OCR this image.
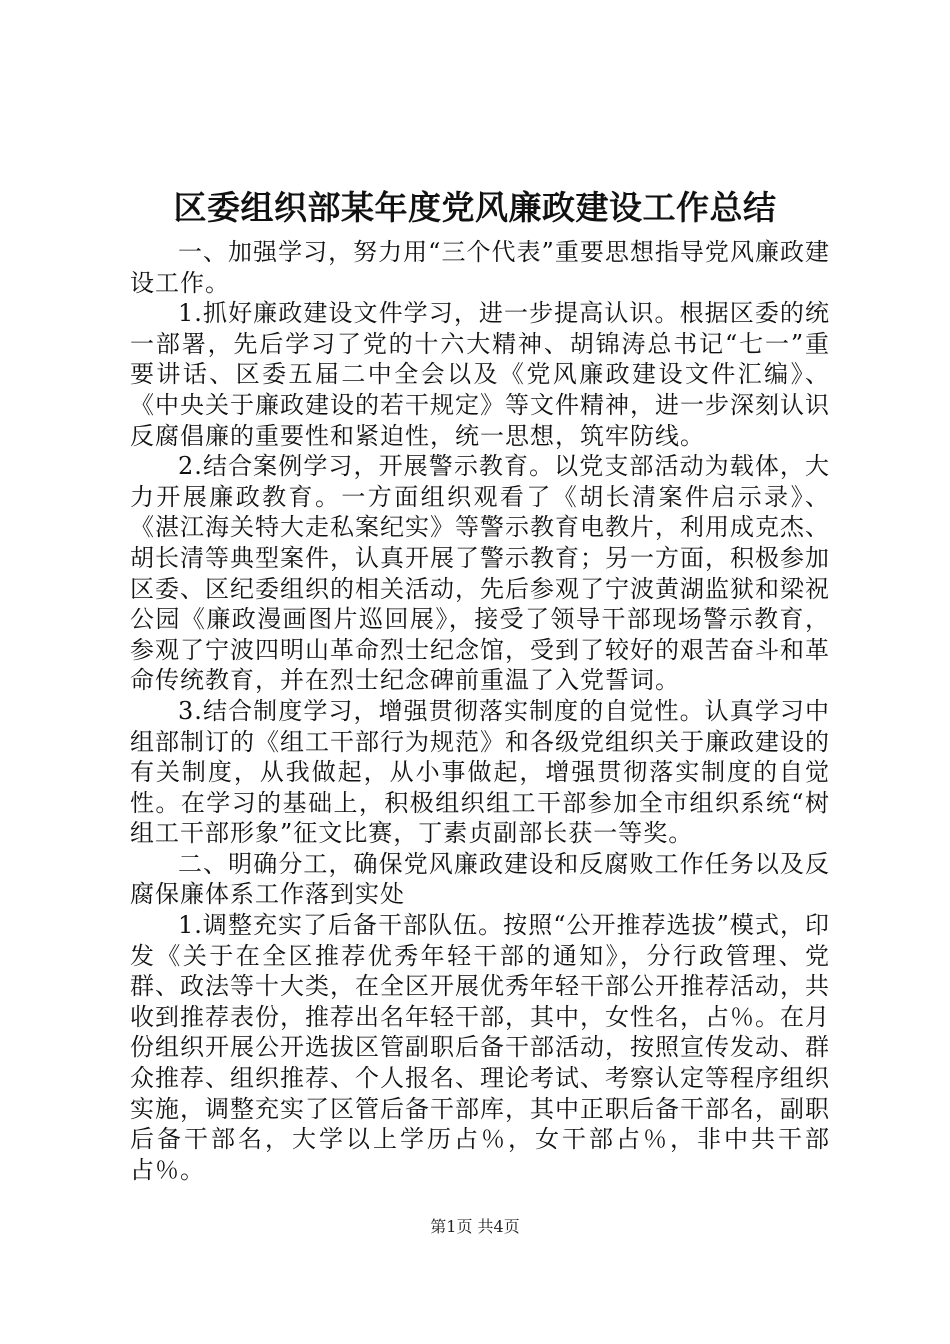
区委组织部某年度党风廉政建设工作总结

一、加强学习，努力用“三个代表”重要思想指导党风廉政建设工作。

1.抓好廉政建设文件学习，进一步提高认识。根据区委的统一部署，先后学习了党的十六大精神、胡锦涛总书记“七一”重要讲话、区委五届二中全会以及《党风廉政建设文件汇编》、《中央关于廉政建设的若干规定》等文件精神，进一步深刻认识反腐倡廉的重要性和紧迫性，统一思想，筑牢防线。

2.结合案例学习，开展警示教育。以党支部活动为载体，大力开展廉政教育。一方面组织观看了《胡长清案件启示录》、《湛江海关特大走私案纪实》等警示教育电教片，利用成克杰、胡长清等典型案件，认真开展了警示教育；另一方面，积极参加区委、区纪委组织的相关活动，先后参观了宁波黄湖监狱和梁祝公园《廉政漫画图片巡回展》，接受了领导干部现场警示教育，参观了宁波四明山革命烈士纪念馆，受到了较好的艰苦奋斗和革命传统教育，并在烈士纪念碑前重温了入党誓词。

3.结合制度学习，增强贯彻落实制度的自觉性。认真学习中组部制订的《组工干部行为规范》和各级党组织关于廉政建设的有关制度，从我做起，从小事做起，增强贯彻落实制度的自觉性。在学习的基础上，积极组织组工干部参加全市组织系统“树组工干部形象”征文比赛，丁素贞副部长获一等奖。

二、明确分工，确保党风廉政建设和反腐败工作任务以及反腐保廉体系工作落到实处

1.调整充实了后备干部队伍。按照“公开推荐选拔”模式，印发《关于在全区推荐优秀年轻干部的通知》，分行政管理、党群、政法等十大类，在全区开展优秀年轻干部公开推荐活动，共收到推荐表份，推荐出名年轻干部，其中，女性名，占％。在月份组织开展公开选拔区管副职后备干部活动，按照宣传发动、群众推荐、组织推荐、个人报名、理论考试、考察认定等程序组织实施，调整充实了区管后备干部库，其中正职后备干部名，副职后备干部名，大学以上学历占％，女干部占％，非中共干部占％。

第1页 共4页
